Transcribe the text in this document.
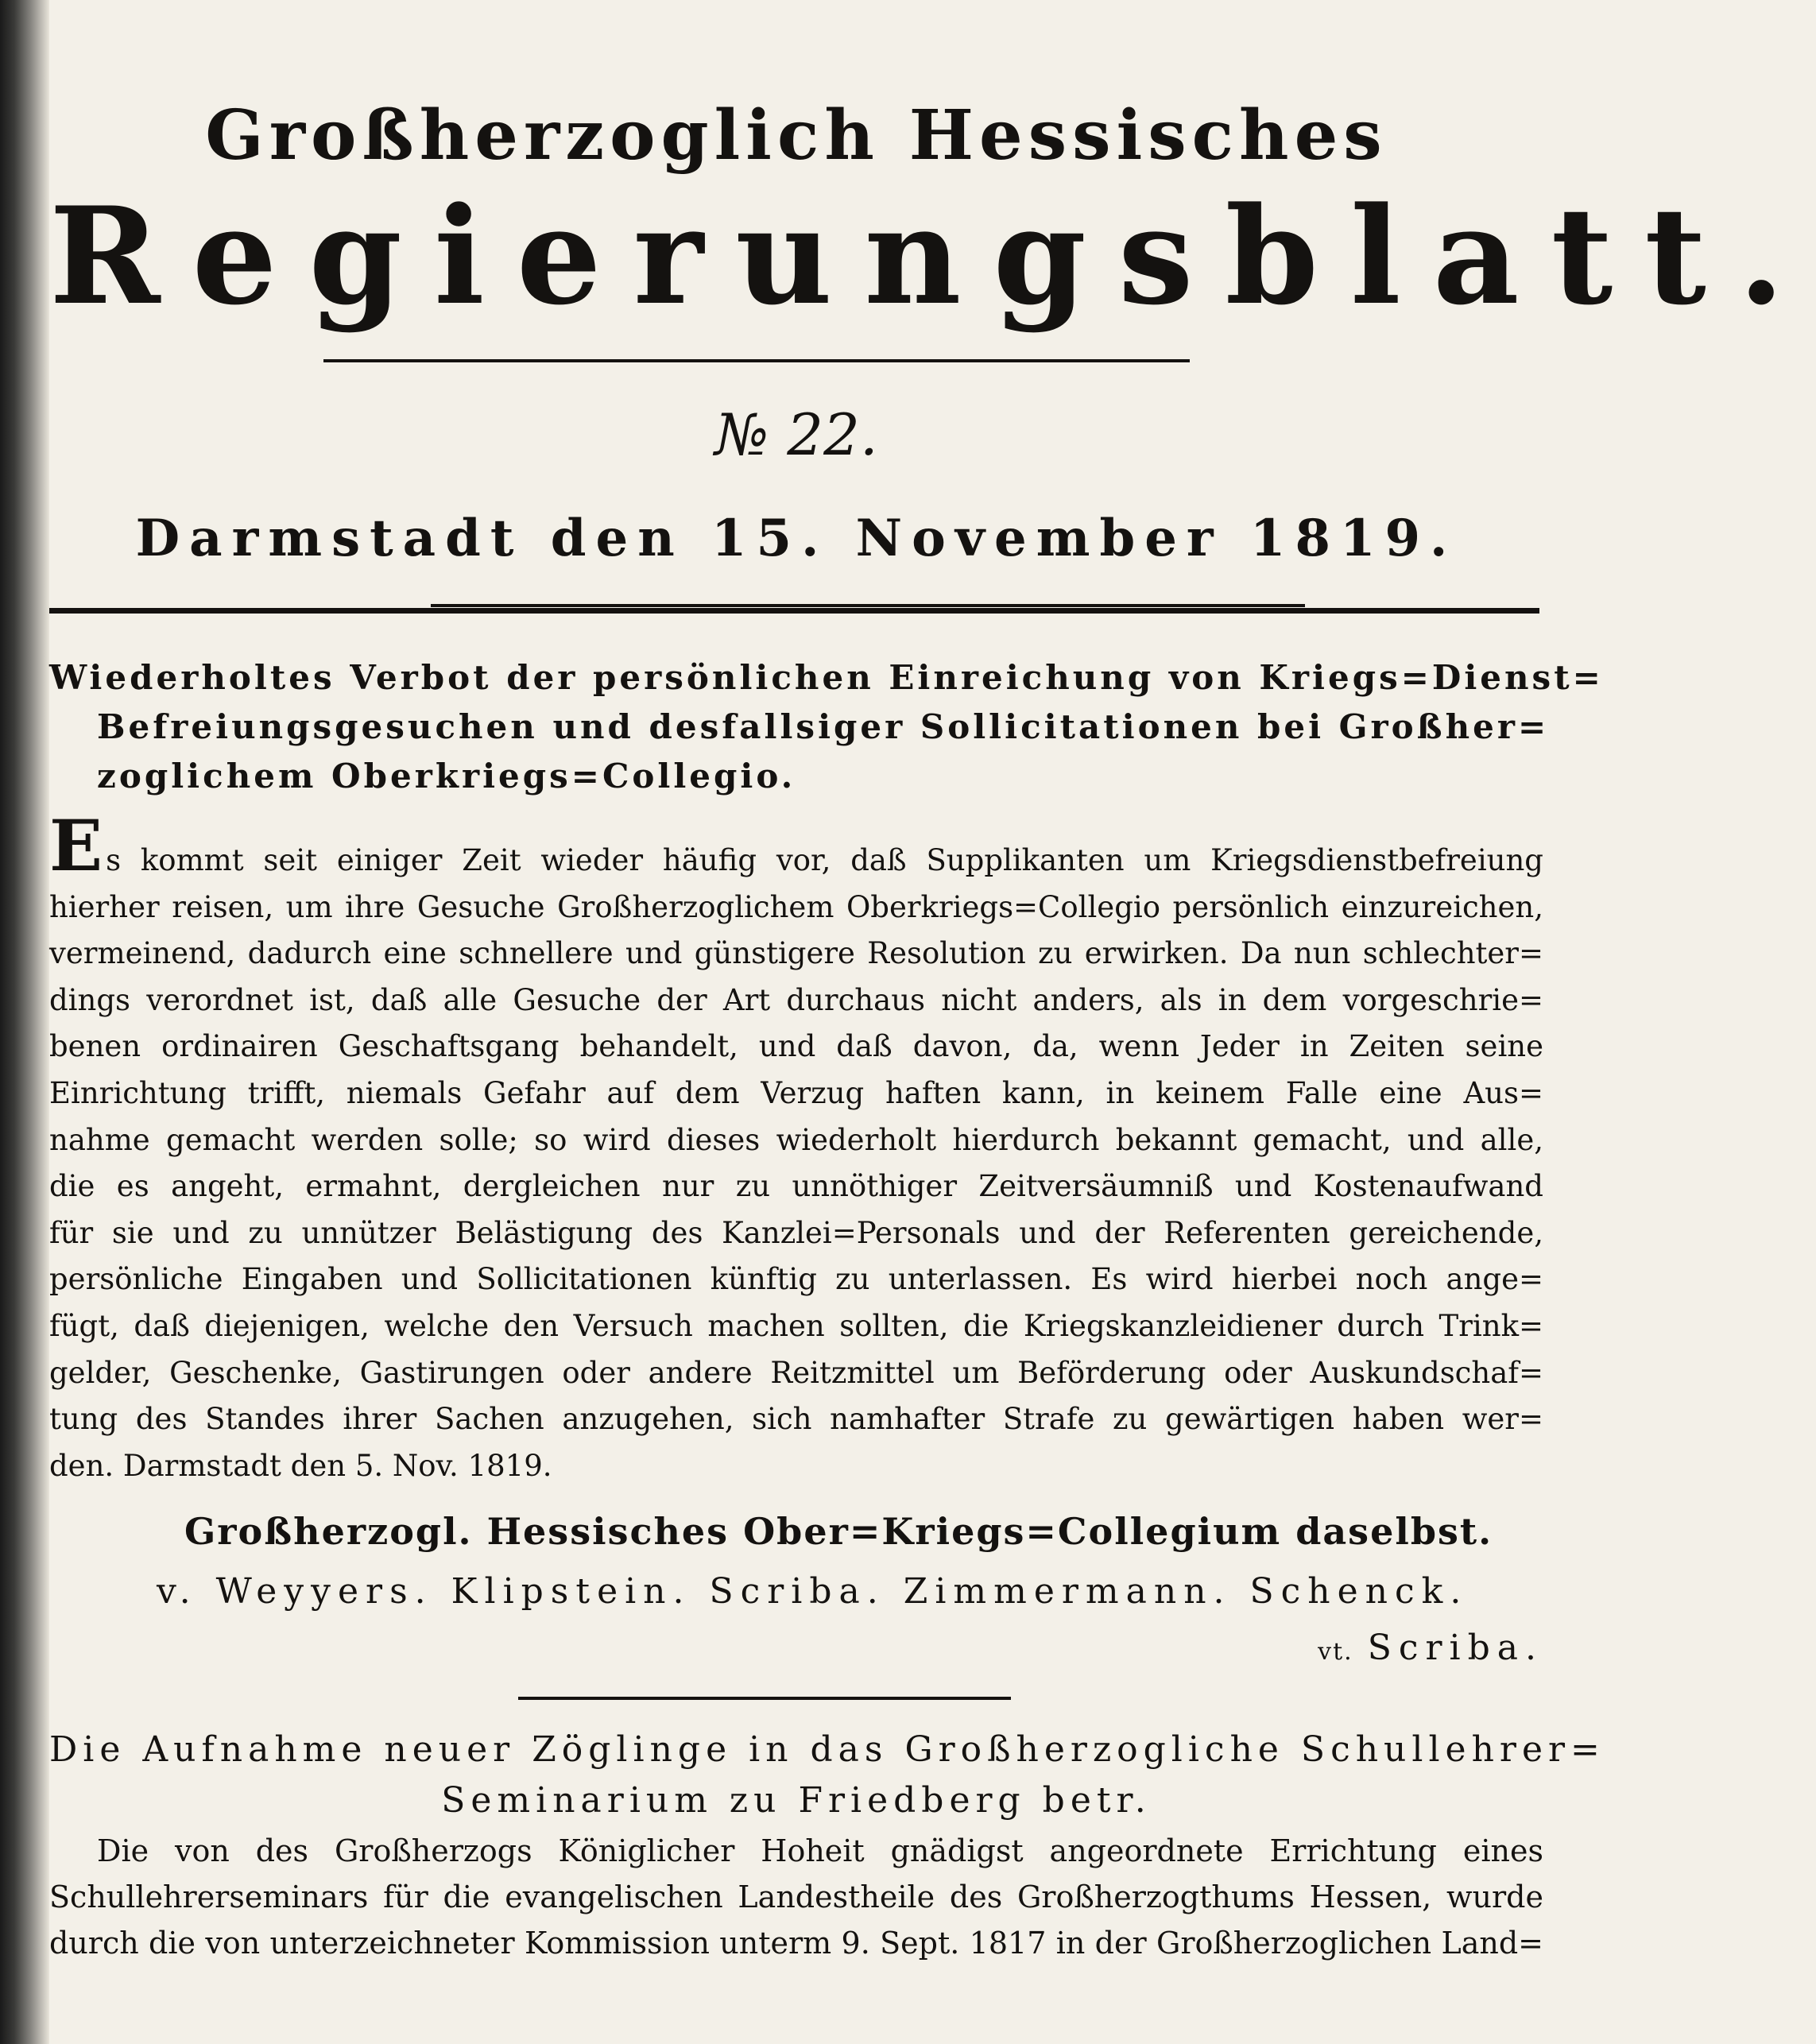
Großherzoglich Hessisches
Regierungsblatt.
№ 22.
Darmstadt den 15. November 1819.
Wiederholtes Verbot der persönlichen Einreichung von Kriegs=Dienst=
Befreiungsgesuchen und desfallsiger Sollicitationen bei Großher=
zoglichem Oberkriegs=Collegio.
Es kommt seit einiger Zeit wieder häufig vor, daß Supplikanten um Kriegsdienstbefreiung
hierher reisen, um ihre Gesuche Großherzoglichem Oberkriegs=Collegio persönlich einzureichen,
vermeinend, dadurch eine schnellere und günstigere Resolution zu erwirken. Da nun schlechter=
dings verordnet ist, daß alle Gesuche der Art durchaus nicht anders, als in dem vorgeschrie=
benen ordinairen Geschaftsgang behandelt, und daß davon, da, wenn Jeder in Zeiten seine
Einrichtung trifft, niemals Gefahr auf dem Verzug haften kann, in keinem Falle eine Aus=
nahme gemacht werden solle; so wird dieses wiederholt hierdurch bekannt gemacht, und alle,
die es angeht, ermahnt, dergleichen nur zu unnöthiger Zeitversäumniß und Kostenaufwand
für sie und zu unnützer Belästigung des Kanzlei=Personals und der Referenten gereichende,
persönliche Eingaben und Sollicitationen künftig zu unterlassen. Es wird hierbei noch ange=
fügt, daß diejenigen, welche den Versuch machen sollten, die Kriegskanzleidiener durch Trink=
gelder, Geschenke, Gastirungen oder andere Reitzmittel um Beförderung oder Auskundschaf=
tung des Standes ihrer Sachen anzugehen, sich namhafter Strafe zu gewärtigen haben wer=
den. Darmstadt den 5. Nov. 1819.
Großherzogl. Hessisches Ober=Kriegs=Collegium daselbst.
v. Weyyers. Klipstein. Scriba. Zimmermann. Schenck.
vt. Scriba.
Die Aufnahme neuer Zöglinge in das Großherzogliche Schullehrer=
Seminarium zu Friedberg betr.
Die von des Großherzogs Königlicher Hoheit gnädigst angeordnete Errichtung eines
Schullehrerseminars für die evangelischen Landestheile des Großherzogthums Hessen, wurde
durch die von unterzeichneter Kommission unterm 9. Sept. 1817 in der Großherzoglichen Land=
